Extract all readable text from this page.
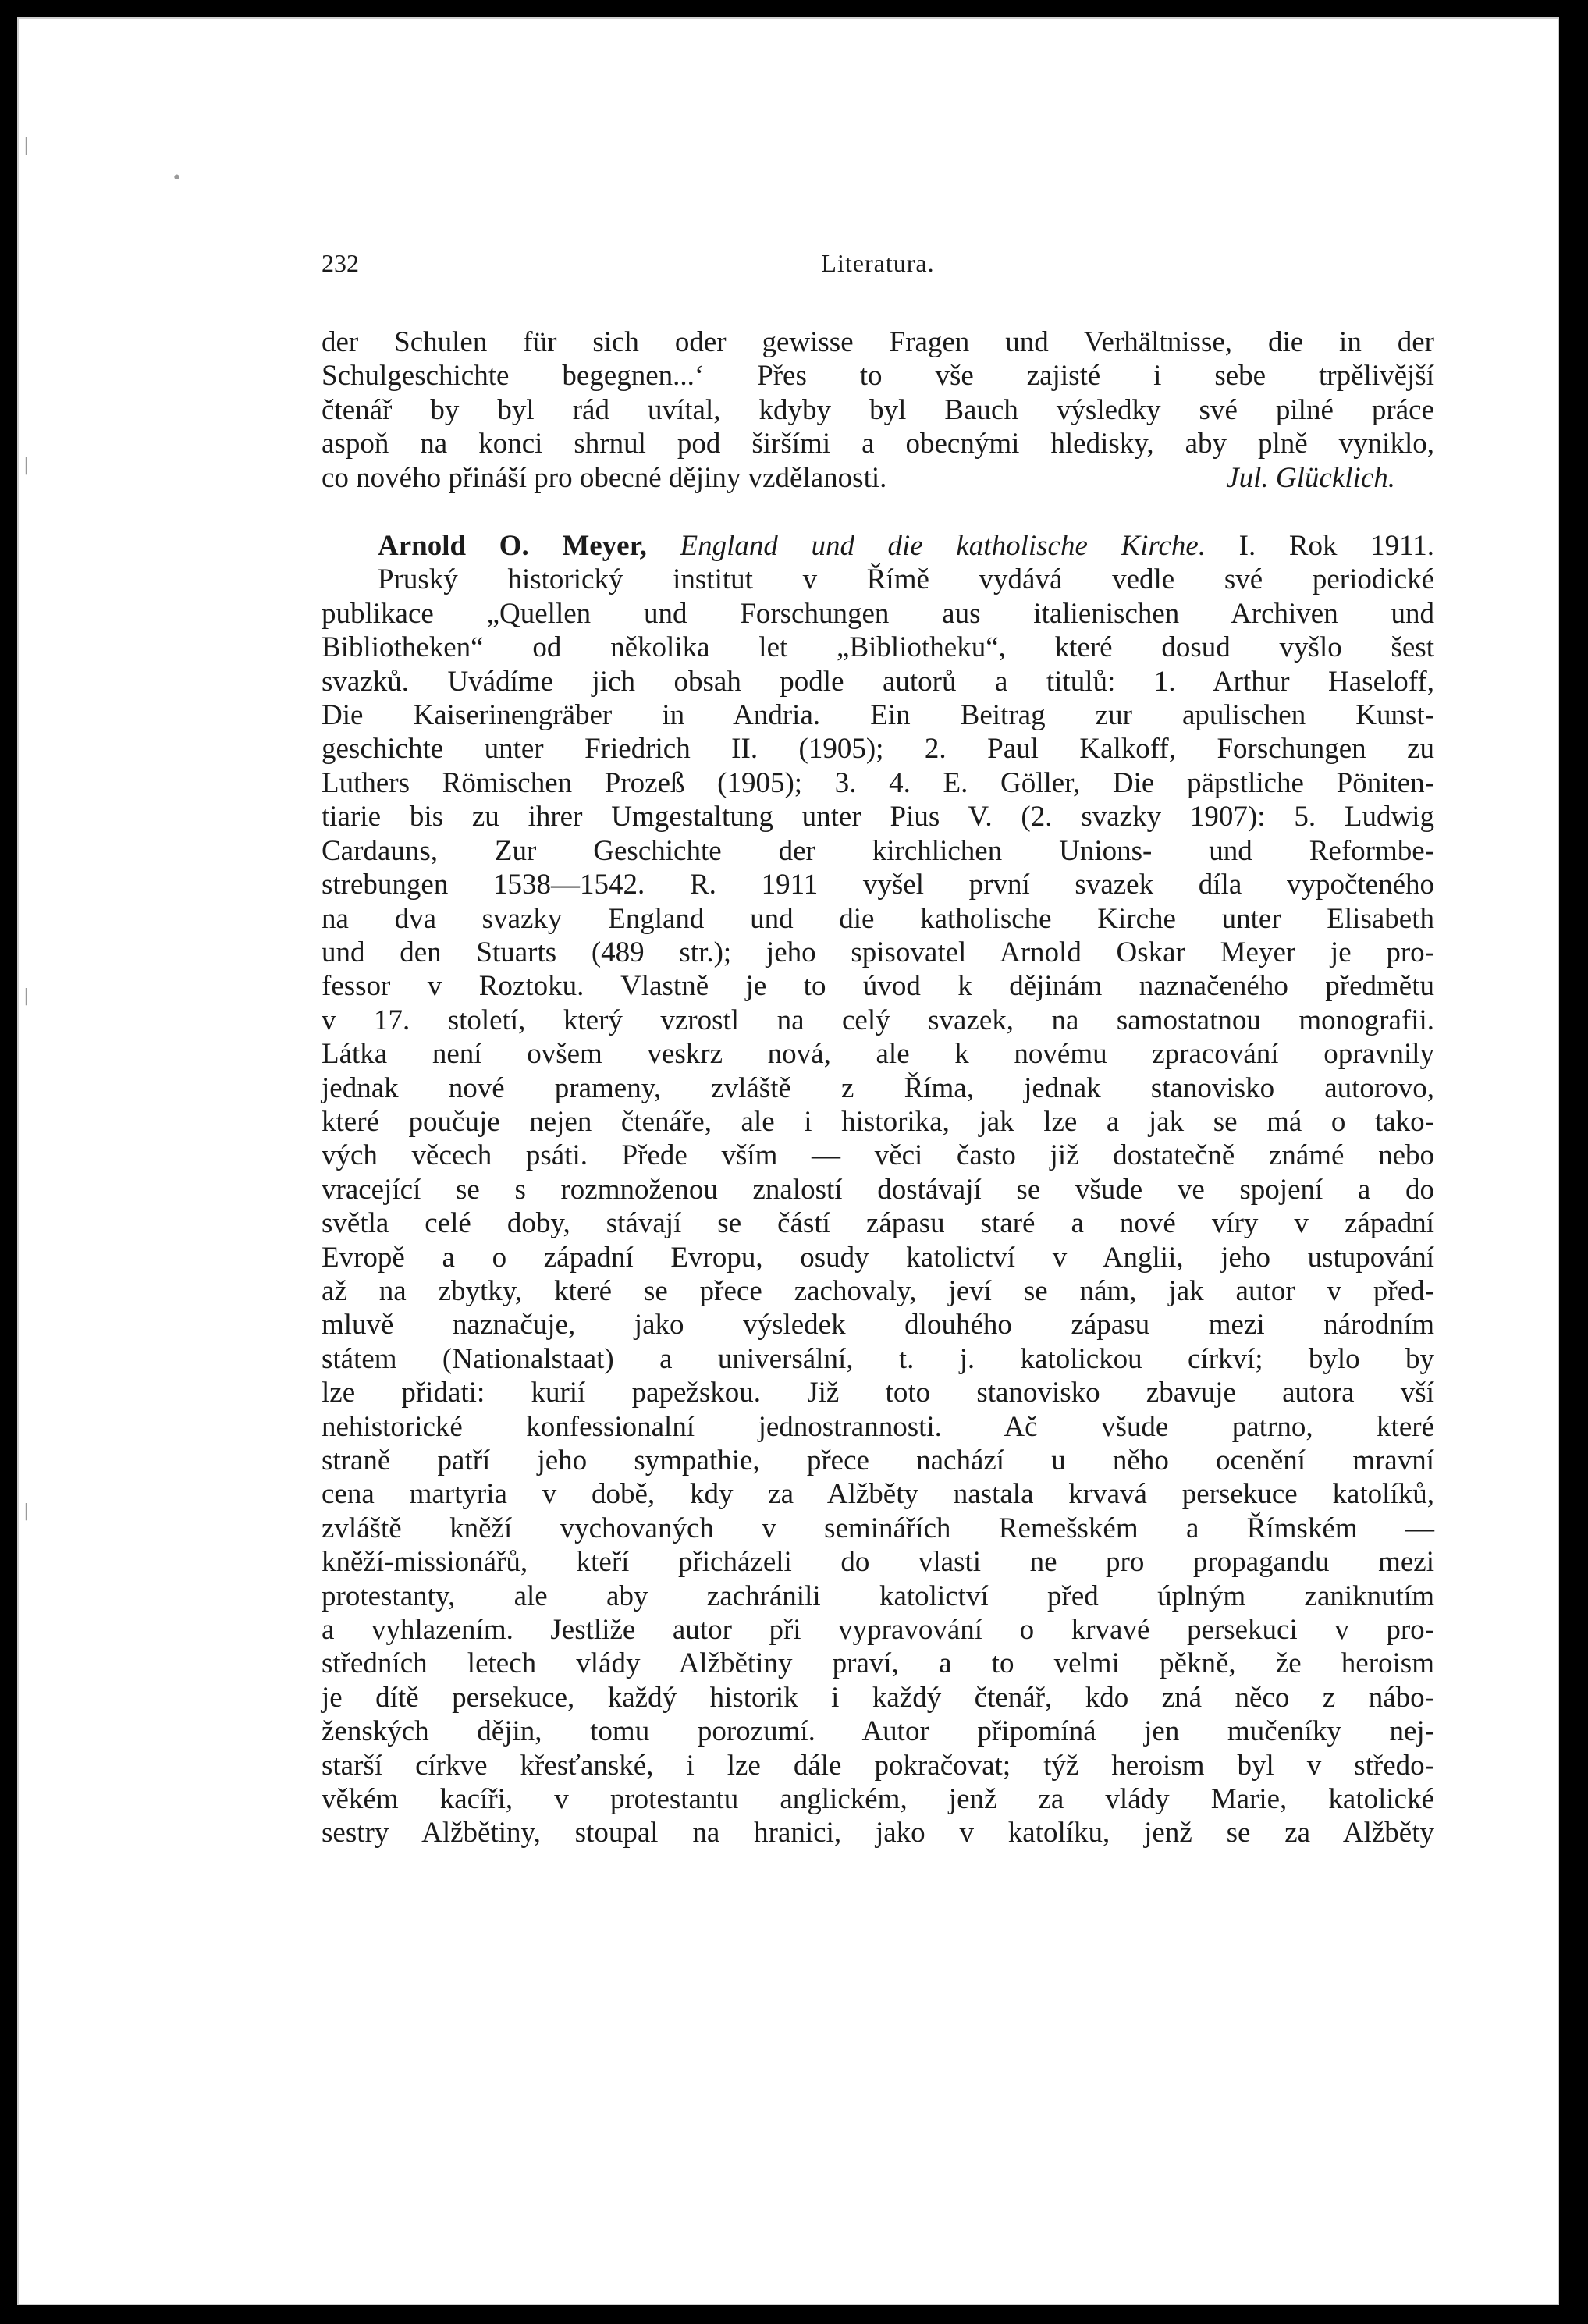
|
|
|
|
•
232	Literatura.
der Schulen für sich oder gewisse Fragen und Verhältnisse, die in der
Schulgeschichte begegnen...‘ Přes to vše zajisté i sebe trpělivější
čtenář by byl rád uvítal, kdyby byl Bauch výsledky své pilné práce
aspoň na konci shrnul pod širšími a obecnými hledisky, aby plně vyniklo,
co nového přináší pro obecné dějiny vzdělanosti.	Jul. Glücklich.
Arnold O. Meyer, England und die katholische Kirche. I. Rok 1911.
Pruský historický institut v Římě vydává vedle své periodické
publikace „Quellen und Forschungen aus italienischen Archiven und
Bibliotheken“ od několika let „Bibliotheku“, které dosud vyšlo šest
svazků. Uvádíme jich obsah podle autorů a titulů: 1. Arthur Haseloff,
Die Kaiserinengräber in Andria. Ein Beitrag zur apulischen Kunst-
geschichte unter Friedrich II. (1905); 2. Paul Kalkoff, Forschungen zu
Luthers Römischen Prozeß (1905); 3. 4. E. Göller, Die päpstliche Pöniten-
tiarie bis zu ihrer Umgestaltung unter Pius V. (2. svazky 1907): 5. Ludwig
Cardauns, Zur Geschichte der kirchlichen Unions- und Reformbe-
strebungen 1538—1542. R. 1911 vyšel první svazek díla vypočteného
na dva svazky England und die katholische Kirche unter Elisabeth
und den Stuarts (489 str.); jeho spisovatel Arnold Oskar Meyer je pro-
fessor v Roztoku. Vlastně je to úvod k dějinám naznačeného předmětu
v 17. století, který vzrostl na celý svazek, na samostatnou monografii.
Látka není ovšem veskrz nová, ale k novému zpracování opravnily
jednak nové prameny, zvláště z Říma, jednak stanovisko autorovo,
které poučuje nejen čtenáře, ale i historika, jak lze a jak se má o tako-
vých věcech psáti. Přede vším — věci často již dostatečně známé nebo
vracející se s rozmnoženou znalostí dostávají se všude ve spojení a do
světla celé doby, stávají se částí zápasu staré a nové víry v západní
Evropě a o západní Evropu, osudy katolictví v Anglii, jeho ustupování
až na zbytky, které se přece zachovaly, jeví se nám, jak autor v před-
mluvě naznačuje, jako výsledek dlouhého zápasu mezi národním
státem (Nationalstaat) a universální, t. j. katolickou církví; bylo by
lze přidati: kurií papežskou. Již toto stanovisko zbavuje autora vší
nehistorické konfessionalní jednostrannosti. Ač všude patrno, které
straně patří jeho sympathie, přece nachází u něho ocenění mravní
cena martyria v době, kdy za Alžběty nastala krvavá persekuce katolíků,
zvláště kněží vychovaných v seminářích Remešském a Římském —
kněží-missionářů, kteří přicházeli do vlasti ne pro propagandu mezi
protestanty, ale aby zachránili katolictví před úplným zaniknutím
a vyhlazením. Jestliže autor při vypravování o krvavé persekuci v pro-
středních letech vlády Alžbětiny praví, a to velmi pěkně, že heroism
je dítě persekuce, každý historik i každý čtenář, kdo zná něco z nábo-
ženských dějin, tomu porozumí. Autor připomíná jen mučeníky nej-
starší církve křesťanské, i lze dále pokračovat; týž heroism byl v středo-
věkém kacíři, v protestantu anglickém, jenž za vlády Marie, katolické
sestry Alžbětiny, stoupal na hranici, jako v katolíku, jenž se za Alžběty
